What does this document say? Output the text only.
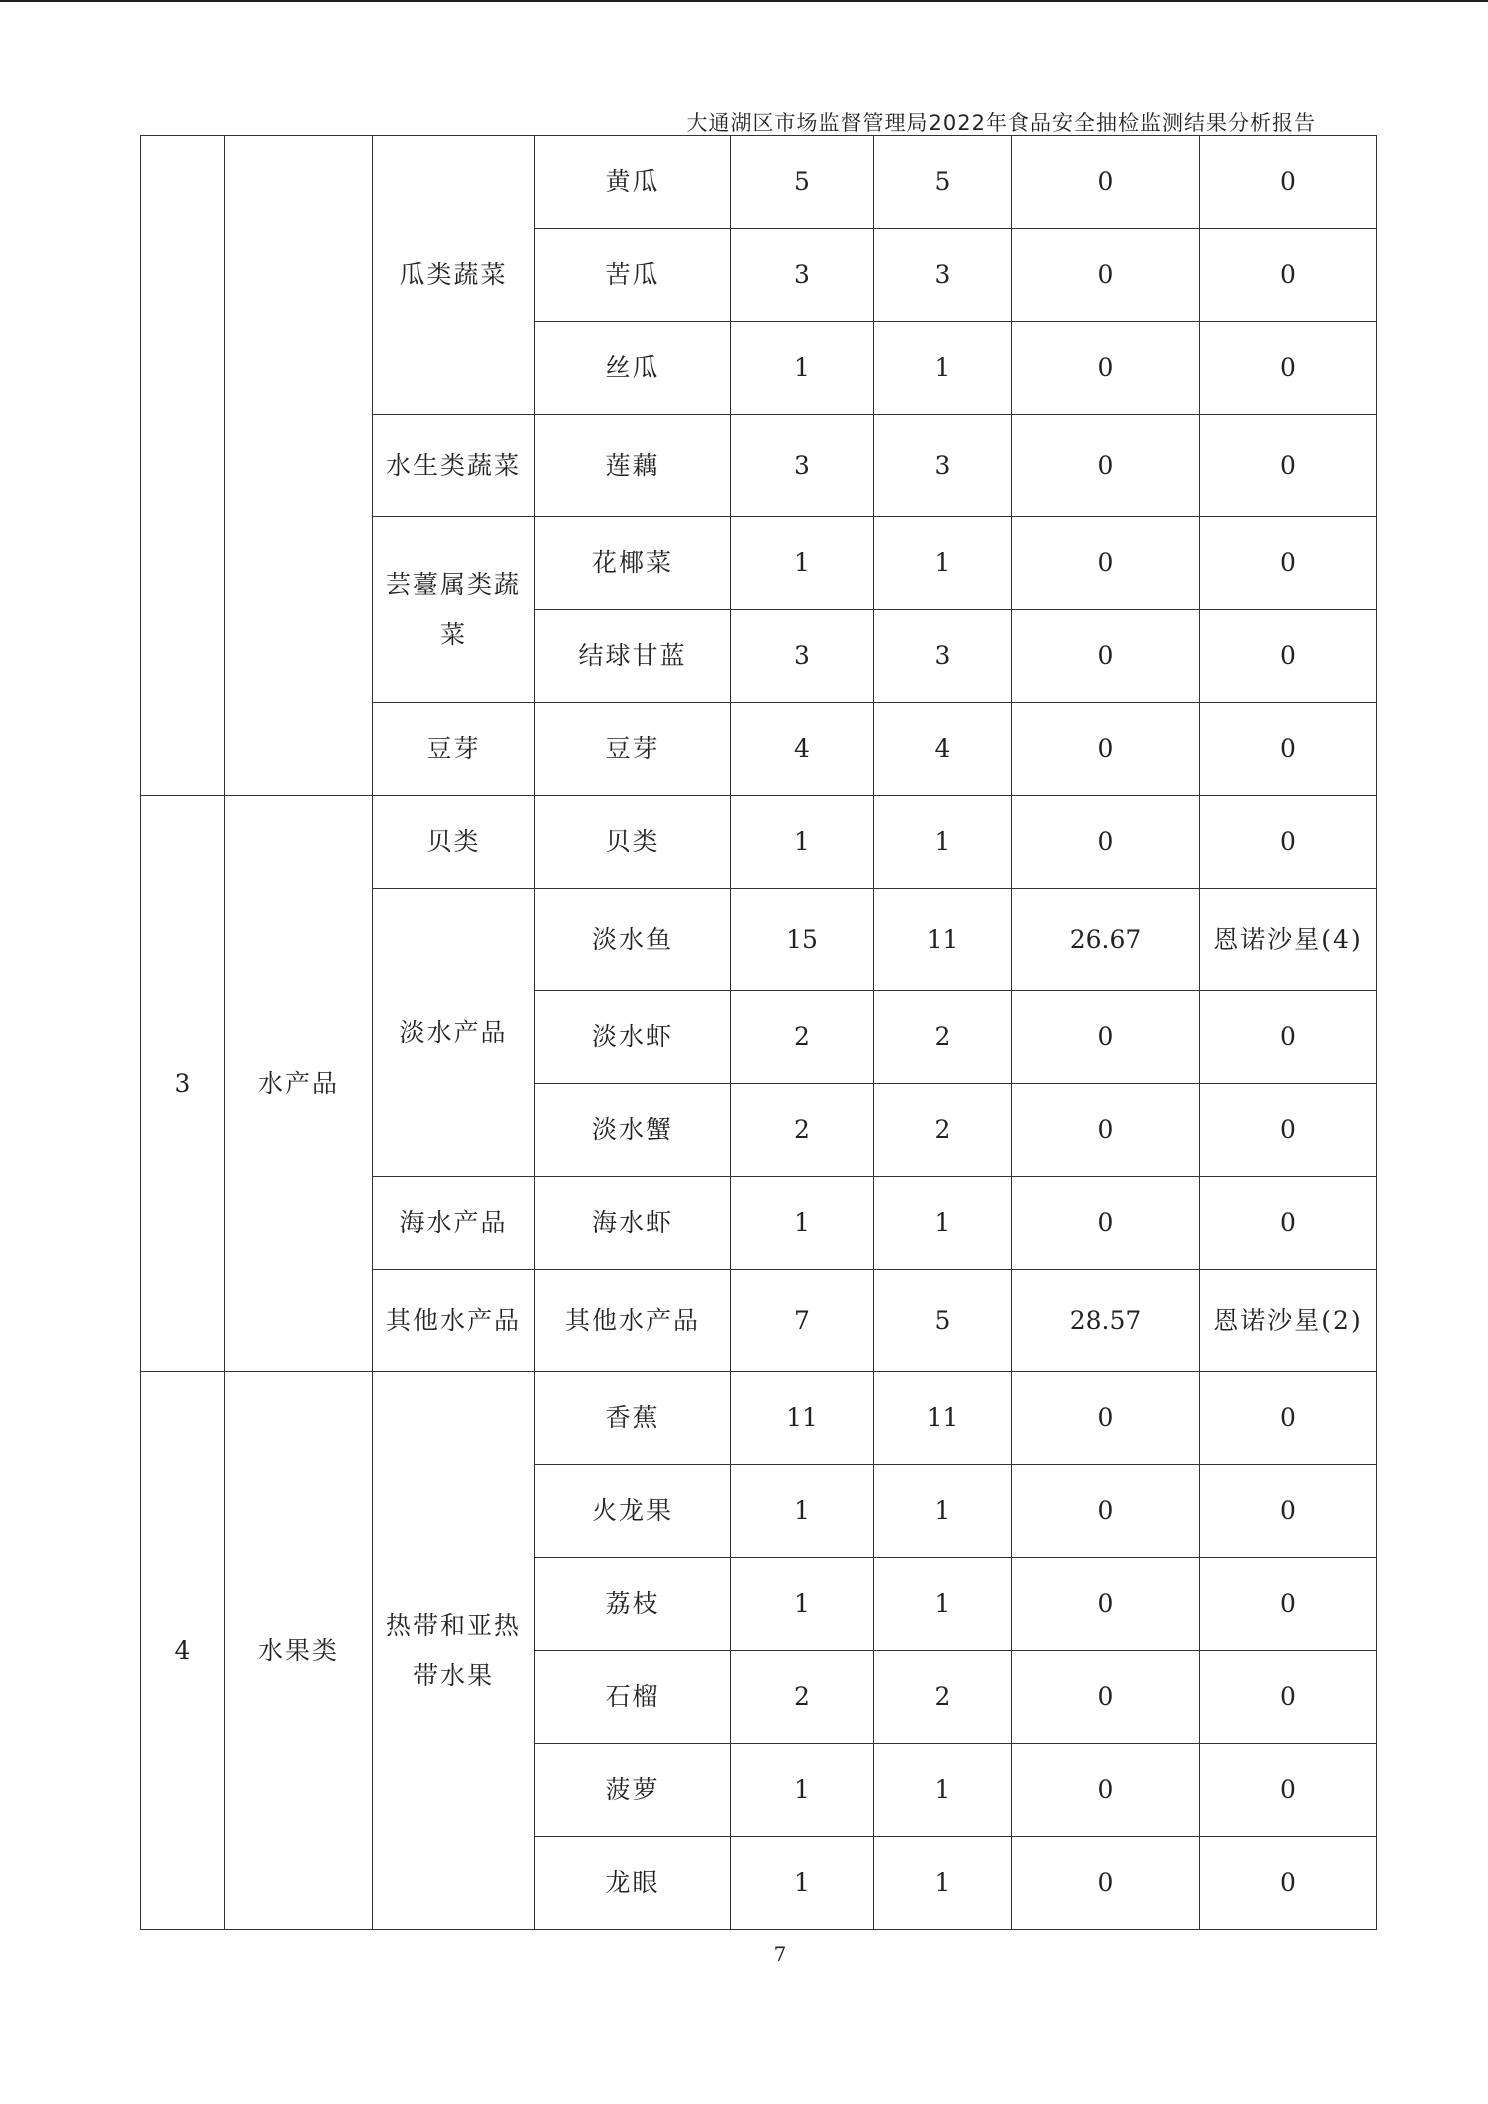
大通湖区市场监督管理局2022年食品安全抽检监测结果分析报告
		瓜类蔬菜	黄瓜	5	5	0	0
			苦瓜	3	3	0	0
			丝瓜	1	1	0	0
		水生类蔬菜	莲藕	3	3	0	0
		芸薹属类蔬菜	花椰菜	1	1	0	0
			结球甘蓝	3	3	0	0
		豆芽	豆芽	4	4	0	0
3	水产品	贝类	贝类	1	1	0	0
		淡水产品	淡水鱼	15	11	26.67	恩诺沙星(4)
			淡水虾	2	2	0	0
			淡水蟹	2	2	0	0
		海水产品	海水虾	1	1	0	0
		其他水产品	其他水产品	7	5	28.57	恩诺沙星(2)
4	水果类	热带和亚热带水果	香蕉	11	11	0	0
			火龙果	1	1	0	0
			荔枝	1	1	0	0
			石榴	2	2	0	0
			菠萝	1	1	0	0
			龙眼	1	1	0	0
7
